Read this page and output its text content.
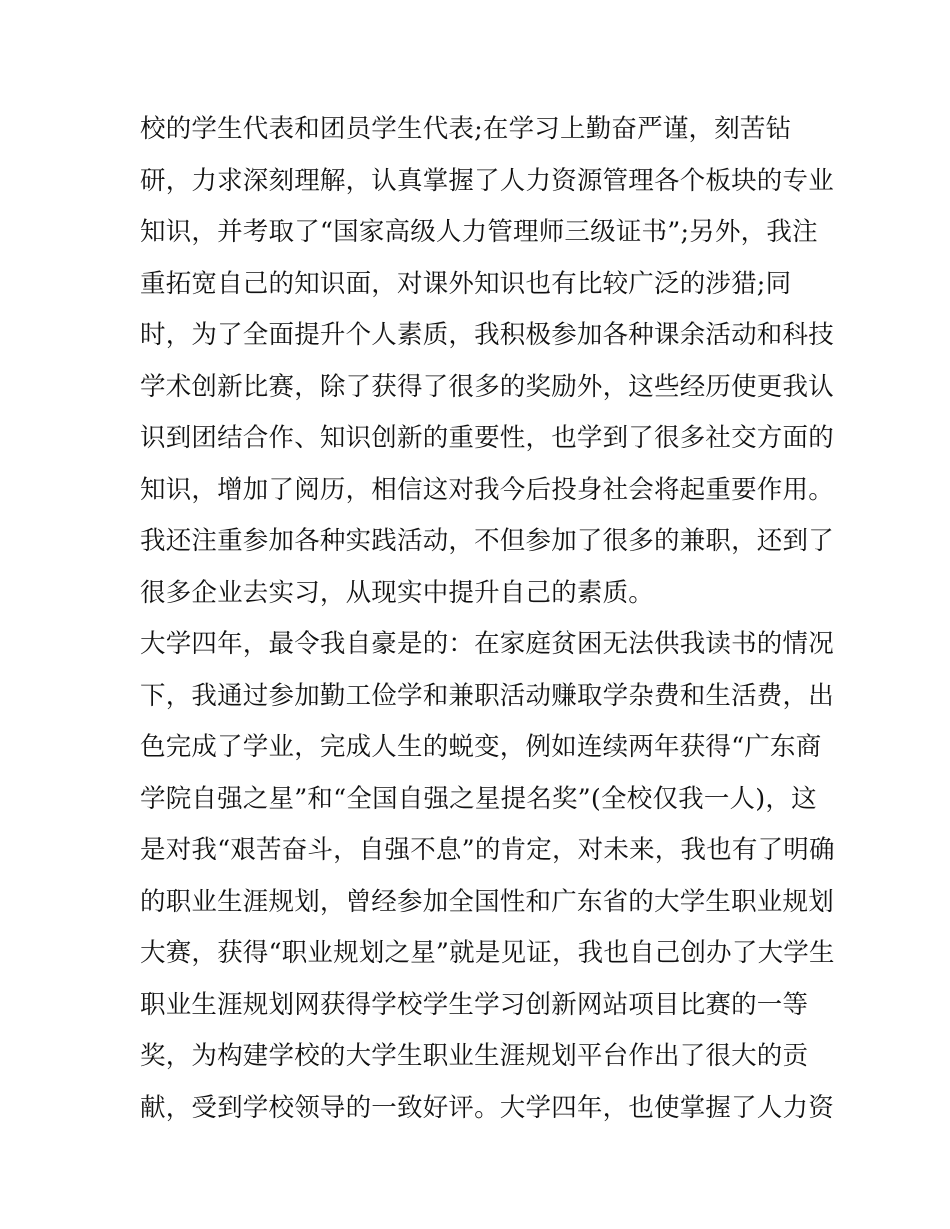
校的学生代表和团员学生代表;在学习上勤奋严谨，刻苦钻
研，力求深刻理解，认真掌握了人力资源管理各个板块的专业
知识，并考取了“国家高级人力管理师三级证书”;另外，我注
重拓宽自己的知识面，对课外知识也有比较广泛的涉猎;同
时，为了全面提升个人素质，我积极参加各种课余活动和科技
学术创新比赛，除了获得了很多的奖励外，这些经历使更我认
识到团结合作、知识创新的重要性，也学到了很多社交方面的
知识，增加了阅历，相信这对我今后投身社会将起重要作用。
我还注重参加各种实践活动，不但参加了很多的兼职，还到了
很多企业去实习，从现实中提升自己的素质。
大学四年，最令我自豪是的：在家庭贫困无法供我读书的情况
下，我通过参加勤工俭学和兼职活动赚取学杂费和生活费，出
色完成了学业，完成人生的蜕变，例如连续两年获得“广东商
学院自强之星”和“全国自强之星提名奖”(全校仅我一人)，这
是对我“艰苦奋斗，自强不息”的肯定，对未来，我也有了明确
的职业生涯规划，曾经参加全国性和广东省的大学生职业规划
大赛，获得“职业规划之星”就是见证，我也自己创办了大学生
职业生涯规划网获得学校学生学习创新网站项目比赛的一等
奖，为构建学校的大学生职业生涯规划平台作出了很大的贡
献，受到学校领导的一致好评。大学四年，也使掌握了人力资
